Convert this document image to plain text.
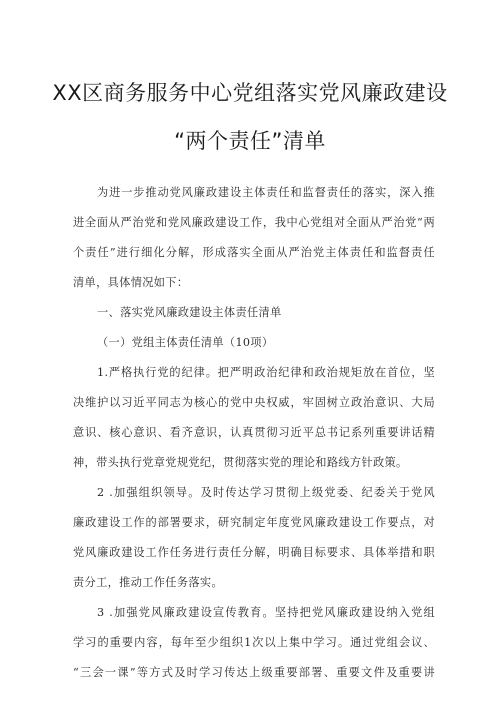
XX区商务服务中心党组落实党风廉政建设
“两个责任”清单
为进一步推动党风廉政建设主体责任和监督责任的落实，深入推
进全面从严治党和党风廉政建设工作，我中心党组对全面从严治党“两
个责任”进行细化分解，形成落实全面从严治党主体责任和监督责任
清单，具体情况如下：
一、落实党风廉政建设主体责任清单
（一）党组主体责任清单（10项）
1.严格执行党的纪律。把严明政治纪律和政治规矩放在首位，坚
决维护以习近平同志为核心的党中央权威，牢固树立政治意识、大局
意识、核心意识、看齐意识，认真贯彻习近平总书记系列重要讲话精
神，带头执行党章党规党纪，贯彻落实党的理论和路线方针政策。
2 .加强组织领导。及时传达学习贯彻上级党委、纪委关于党风
廉政建设工作的部署要求，研究制定年度党风廉政建设工作要点，对
党风廉政建设工作任务进行责任分解，明确目标要求、具体举措和职
责分工，推动工作任务落实。
3 .加强党风廉政建设宣传教育。坚持把党风廉政建设纳入党组
学习的重要内容，每年至少组织1次以上集中学习。通过党组会议、
“三会一课”等方式及时学习传达上级重要部署、重要文件及重要讲
